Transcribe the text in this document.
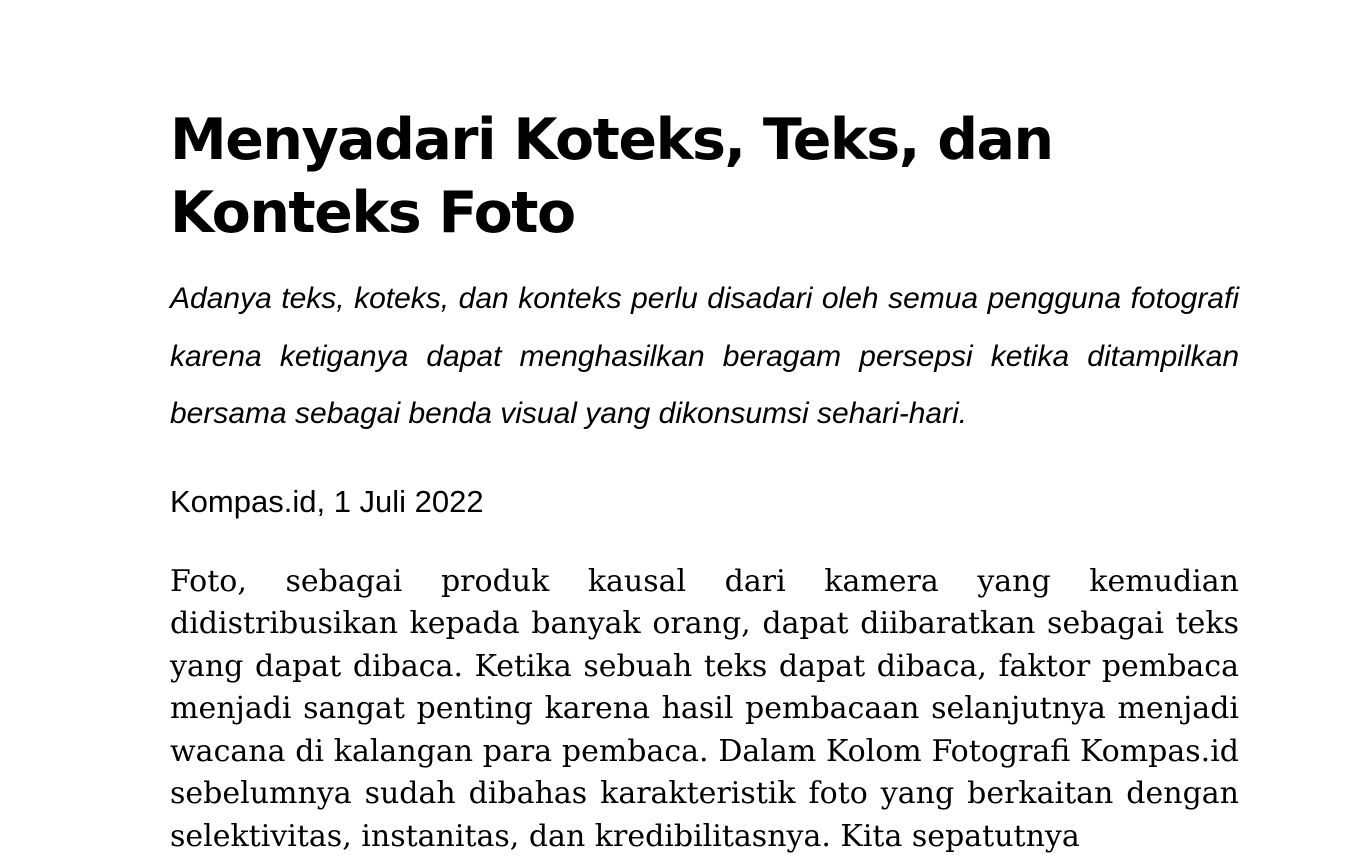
Menyadari Koteks, Teks, dan Konteks Foto

Adanya teks, koteks, dan konteks perlu disadari oleh semua pengguna fotografi karena ketiganya dapat menghasilkan beragam persepsi ketika ditampilkan bersama sebagai benda visual yang dikonsumsi sehari-hari.

Kompas.id, 1 Juli 2022

Foto, sebagai produk kausal dari kamera yang kemudian didistribusikan kepada banyak orang, dapat diibaratkan sebagai teks yang dapat dibaca. Ketika sebuah teks dapat dibaca, faktor pembaca menjadi sangat penting karena hasil pembacaan selanjutnya menjadi wacana di kalangan para pembaca. Dalam Kolom Fotografi Kompas.id sebelumnya sudah dibahas karakteristik foto yang berkaitan dengan selektivitas, instanitas, dan kredibilitasnya. Kita sepatutnya
